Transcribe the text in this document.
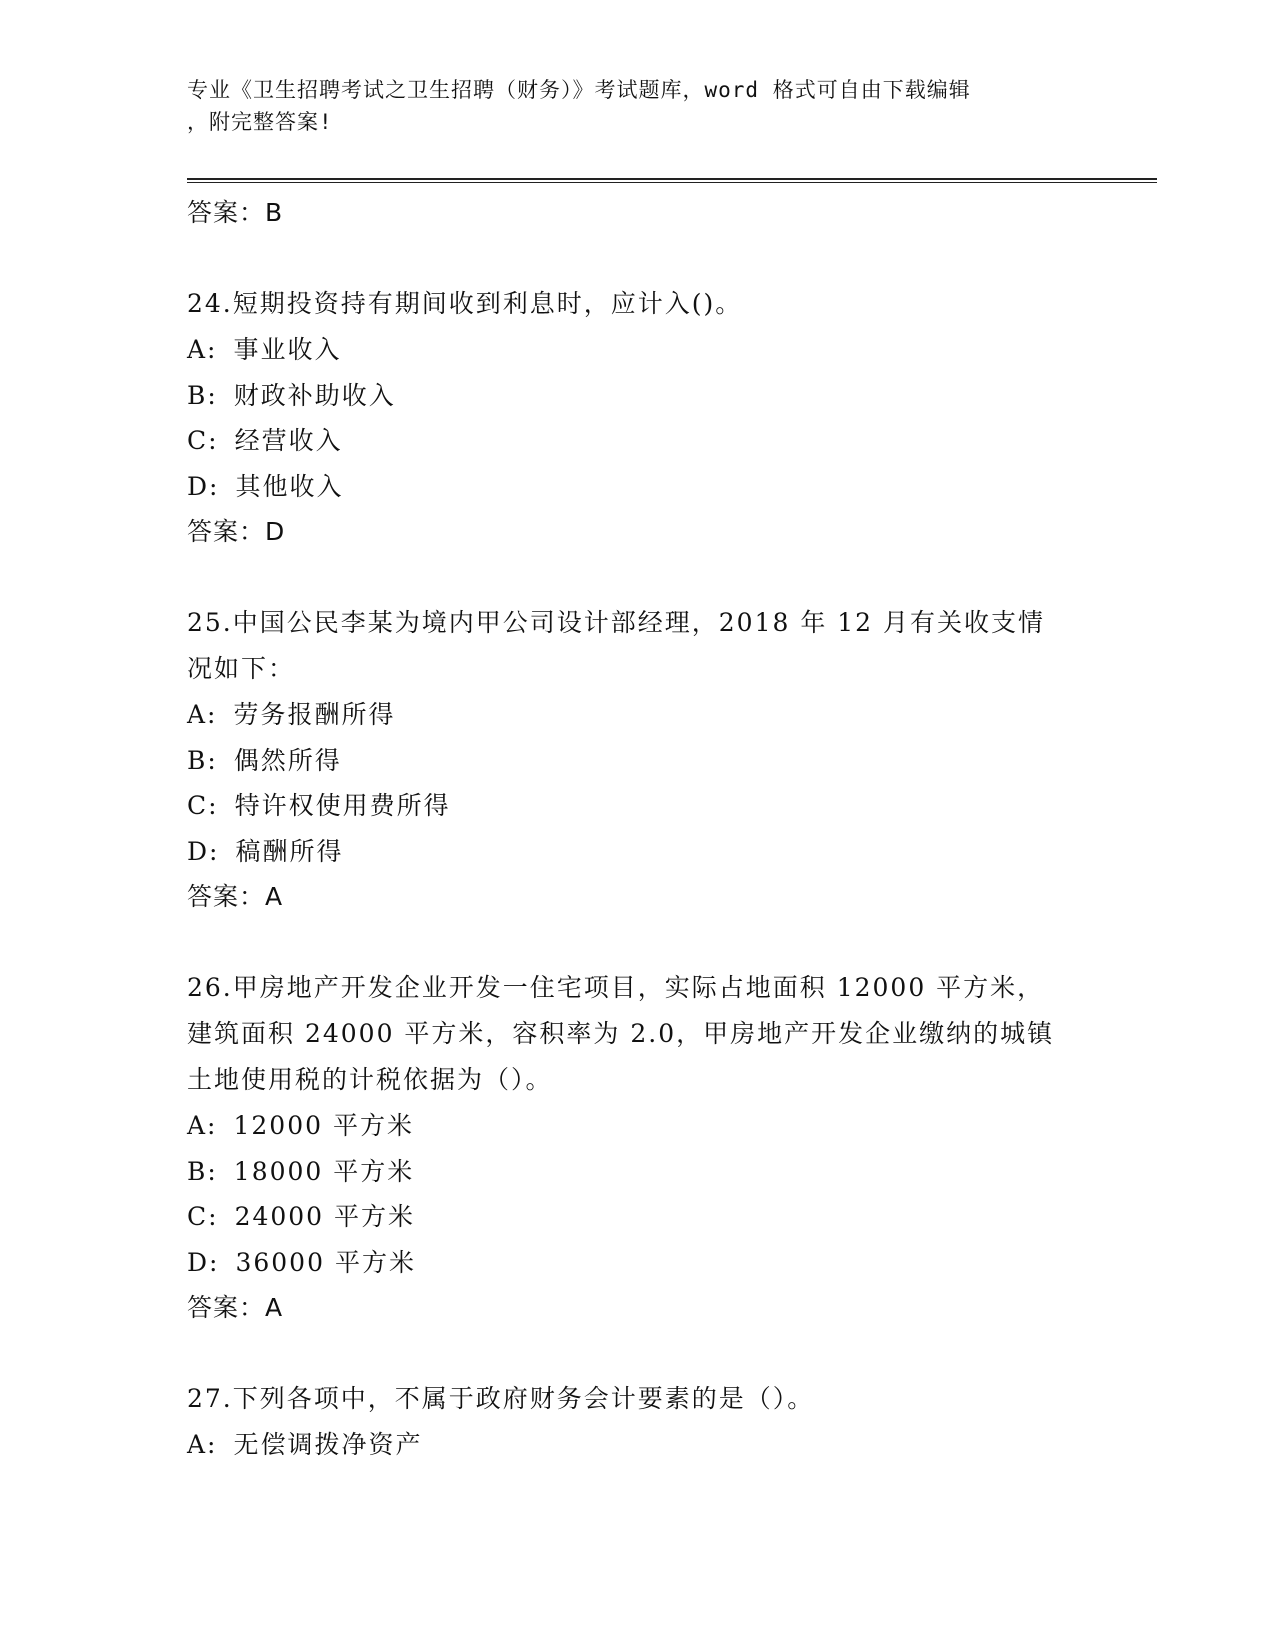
专业《卫生招聘考试之卫生招聘（财务）》考试题库，word 格式可自由下载编辑
，附完整答案!

答案：B

24.短期投资持有期间收到利息时，应计入()。

A: 事业收入

B: 财政补助收入

C: 经营收入

D: 其他收入

答案：D

25.中国公民李某为境内甲公司设计部经理，2018 年 12 月有关收支情

况如下：

A: 劳务报酬所得

B: 偶然所得

C: 特许权使用费所得

D: 稿酬所得

答案：A

26.甲房地产开发企业开发一住宅项目，实际占地面积 12000 平方米，

建筑面积 24000 平方米，容积率为 2.0，甲房地产开发企业缴纳的城镇

土地使用税的计税依据为（）。

A: 12000 平方米

B: 18000 平方米

C: 24000 平方米

D: 36000 平方米

答案：A

27.下列各项中，不属于政府财务会计要素的是（）。

A: 无偿调拨净资产
